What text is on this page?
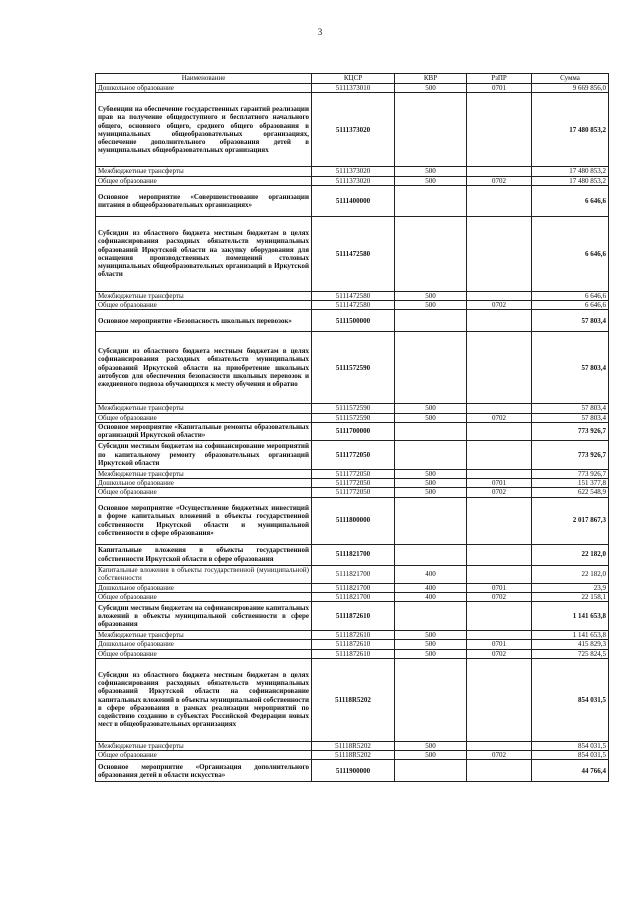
3
Наименование	КЦСР	КВР	РзПР	Сумма
Дошкольное образование	5111373010	500	0701	9 669 856,0
Субвенции на обеспечение государственных гарантий реализации прав на получение общедоступного и бесплатного начального общего, основного общего, среднего общего образования в муниципальных общеобразовательных организациях, обеспечение дополнительного образования детей в муниципальных общеобразовательных организациях	5111373020			17 480 853,2
Межбюджетные трансферты	5111373020	500		17 480 853,2
Общее образование	5111373020	500	0702	17 480 853,2
Основное мероприятие «Совершенствование организации питания в общеобразовательных организациях»	5111400000			6 646,6
Субсидии из областного бюджета местным бюджетам в целях софинансирования расходных обязательств муниципальных образований Иркутской области на закупку оборудования для оснащения производственных помещений столовых муниципальных общеобразовательных организаций в Иркутской области	5111472580			6 646,6
Межбюджетные трансферты	5111472580	500		6 646,6
Общее образование	5111472580	500	0702	6 646,6
Основное мероприятие «Безопасность школьных перевозок»	5111500000			57 803,4
Субсидии из областного бюджета местным бюджетам в целях софинансирования расходных обязательств муниципальных образований Иркутской области на приобретение школьных автобусов для обеспечения безопасности школьных перевозок и ежедневного подвоза обучающихся к месту обучения и обратно	5111572590			57 803,4
Межбюджетные трансферты	5111572590	500		57 803,4
Общее образование	5111572590	500	0702	57 803,4
Основное мероприятие «Капитальные ремонты образовательных организаций Иркутской области»	5111700000			773 926,7
Субсидии местным бюджетам на софинансирование мероприятий по капитальному ремонту образовательных организаций Иркутской области	5111772050			773 926,7
Межбюджетные трансферты	5111772050	500		773 926,7
Дошкольное образование	5111772050	500	0701	151 377,8
Общее образование	5111772050	500	0702	622 548,9
Основное мероприятие «Осуществление бюджетных инвестиций в форме капитальных вложений в объекты государственной собственности Иркутской области и муниципальной собственности в сфере образования»	5111800000			2 017 867,3
Капитальные вложения в объекты государственной собственности Иркутской области в сфере образования	5111821700			22 182,0
Капитальные вложения в объекты государственной (муниципальной) собственности	5111821700	400		22 182,0
Дошкольное образование	5111821700	400	0701	23,9
Общее образование	5111821700	400	0702	22 158,1
Субсидии местным бюджетам на софинансирование капитальных вложений в объекты муниципальной собственности в сфере образования	5111872610			1 141 653,8
Межбюджетные трансферты	5111872610	500		1 141 653,8
Дошкольное образование	5111872610	500	0701	415 829,3
Общее образование	5111872610	500	0702	725 824,5
Субсидии из областного бюджета местным бюджетам в целях софинансирования расходных обязательств муниципальных образований Иркутской области на софинансирование капитальных вложений в объекты муниципальной собственности в сфере образования в рамках реализации мероприятий по содействию созданию в субъектах Российской Федерации новых мест в общеобразовательных организациях	51118R5202			854 031,5
Межбюджетные трансферты	51118R5202	500		854 031,5
Общее образование	51118R5202	500	0702	854 031,5
Основное мероприятие «Организация дополнительного образования детей в области искусства»	5111900000			44 766,4
